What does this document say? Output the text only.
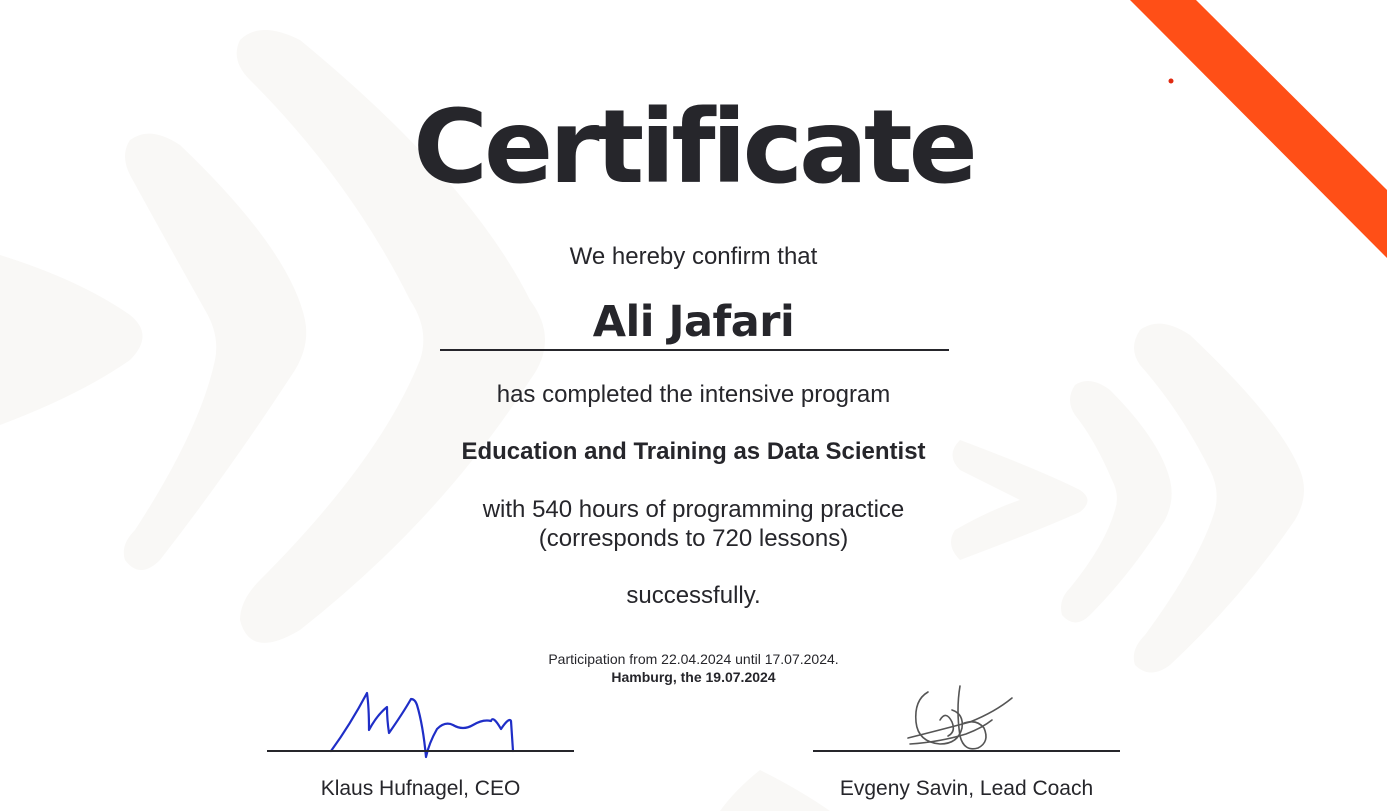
Certificate
We hereby confirm that
Ali Jafari
has completed the intensive program
Education and Training as Data Scientist
with 540 hours of programming practice
(corresponds to 720 lessons)
successfully.
Participation from 22.04.2024 until 17.07.2024.
Hamburg, the 19.07.2024
Klaus Hufnagel, CEO	Evgeny Savin, Lead Coach
